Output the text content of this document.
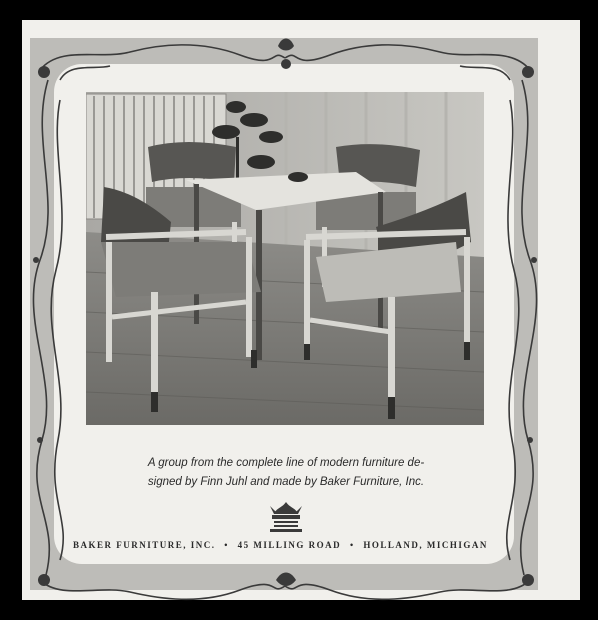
A group from the complete line of modern furniture de-
signed by Finn Juhl and made by Baker Furniture, Inc.
BAKER FURNITURE, INC. • 45 MILLING ROAD • HOLLAND, MICHIGAN
